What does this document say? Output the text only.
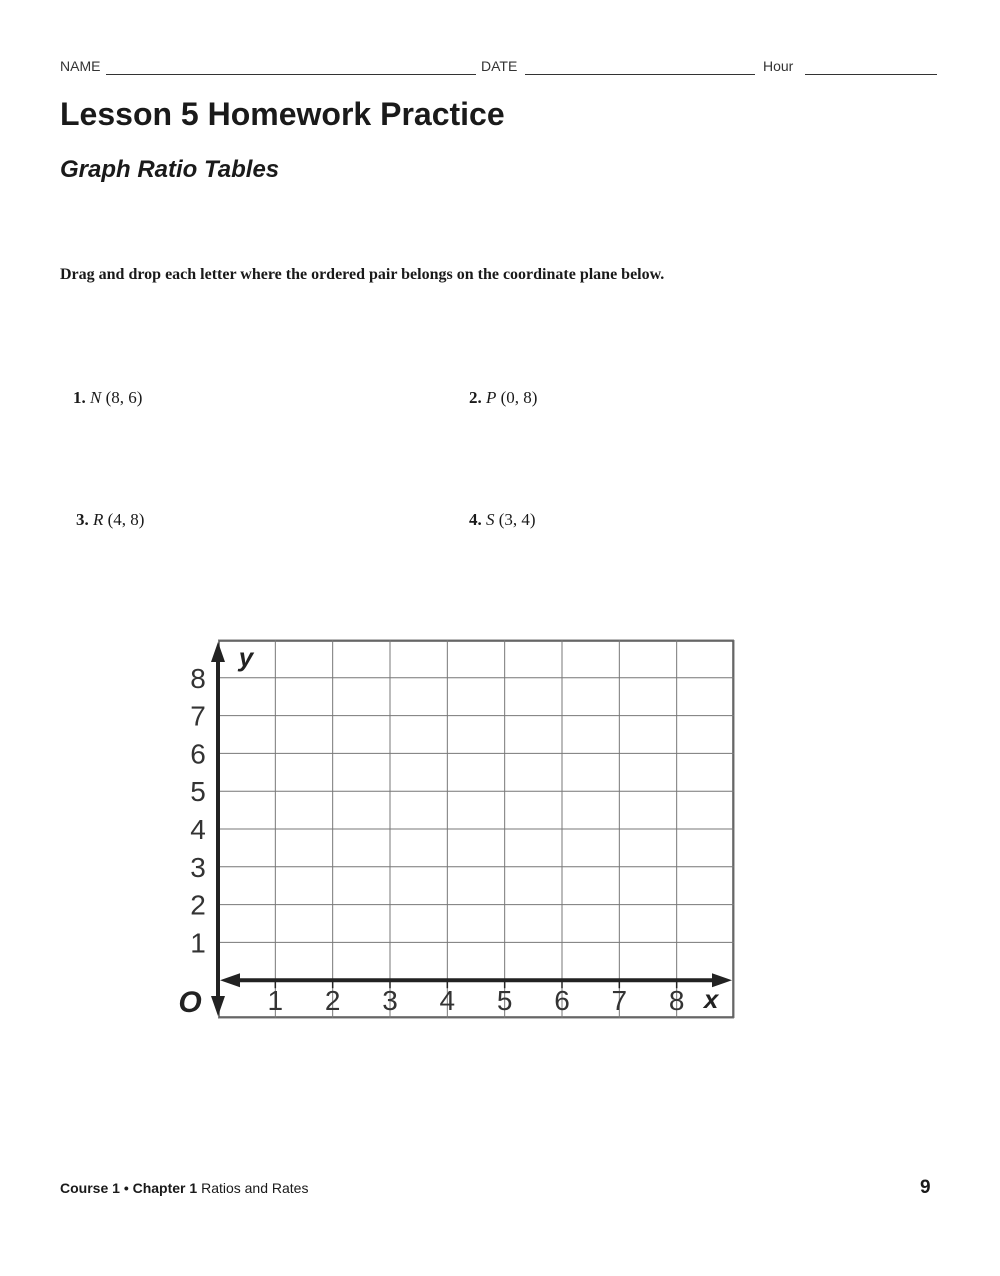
NAME	DATE	Hour
Lesson 5 Homework Practice
Graph Ratio Tables
Drag and drop each letter where the ordered pair belongs on the coordinate plane below.
1. N (8, 6)	2. P (0, 8)
3. R (4, 8)	4. S (3, 4)
1 2 3 4 5 6 7 8
1
2
3
4
5
6
7
8
O	x
y
Course 1 • Chapter 1 Ratios and Rates	9
